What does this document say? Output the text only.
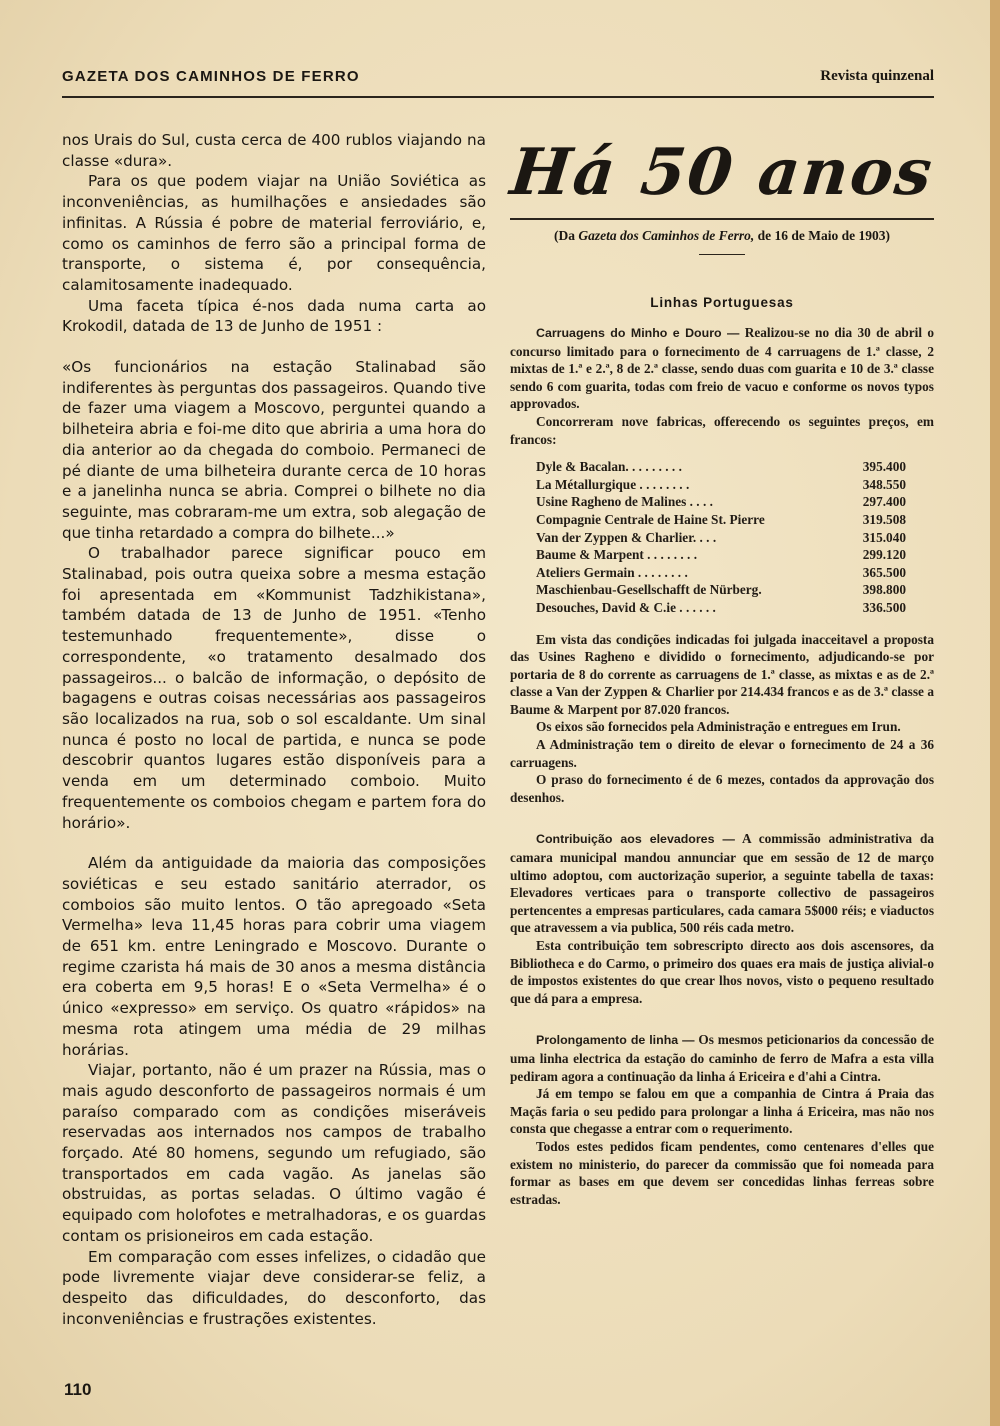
GAZETA DOS CAMINHOS DE FERRO	Revista quinzenal

nos Urais do Sul, custa cerca de 400 rublos viajando na classe «dura».

Para os que podem viajar na União Soviética as inconveniências, as humilhações e ansiedades são infinitas. A Rússia é pobre de material ferroviário, e, como os caminhos de ferro são a principal forma de transporte, o sistema é, por consequência, calamitosamente inadequado.

Uma faceta típica é-nos dada numa carta ao Krokodil, datada de 13 de Junho de 1951 :

«Os funcionários na estação Stalinabad são indiferentes às perguntas dos passageiros. Quando tive de fazer uma viagem a Moscovo, perguntei quando a bilheteira abria e foi-me dito que abriria a uma hora do dia anterior ao da chegada do comboio. Permaneci de pé diante de uma bilheteira durante cerca de 10 horas e a janelinha nunca se abria. Comprei o bilhete no dia seguinte, mas cobraram-me um extra, sob alegação de que tinha retardado a compra do bilhete...»

O trabalhador parece significar pouco em Stalinabad, pois outra queixa sobre a mesma estação foi apresentada em «Kommunist Tadzhikistana», também datada de 13 de Junho de 1951. «Tenho testemunhado frequentemente», disse o correspondente, «o tratamento desalmado dos passageiros... o balcão de informação, o depósito de bagagens e outras coisas necessárias aos passageiros são localizados na rua, sob o sol escaldante. Um sinal nunca é posto no local de partida, e nunca se pode descobrir quantos lugares estão disponíveis para a venda em um determinado comboio. Muito frequentemente os comboios chegam e partem fora do horário».

Além da antiguidade da maioria das composições soviéticas e seu estado sanitário aterrador, os comboios são muito lentos. O tão apregoado «Seta Vermelha» leva 11,45 horas para cobrir uma viagem de 651 km. entre Leningrado e Moscovo. Durante o regime czarista há mais de 30 anos a mesma distância era coberta em 9,5 horas! E o «Seta Vermelha» é o único «expresso» em serviço. Os quatro «rápidos» na mesma rota atingem uma média de 29 milhas horárias.

Viajar, portanto, não é um prazer na Rússia, mas o mais agudo desconforto de passageiros normais é um paraíso comparado com as condições miseráveis reservadas aos internados nos campos de trabalho forçado. Até 80 homens, segundo um refugiado, são transportados em cada vagão. As janelas são obstruidas, as portas seladas. O último vagão é equipado com holofotes e metralhadoras, e os guardas contam os prisioneiros em cada estação.

Em comparação com esses infelizes, o cidadão que pode livremente viajar deve considerar-se feliz, a despeito das dificuldades, do desconforto, das inconveniências e frustrações existentes.

Há 50 anos
(Da Gazeta dos Caminhos de Ferro, de 16 de Maio de 1903)
Linhas Portuguesas

Carruagens do Minho e Douro — Realizou-se no dia 30 de abril o concurso limitado para o fornecimento de 4 carruagens de 1.ª classe, 2 mixtas de 1.ª e 2.ª, 8 de 2.ª classe, sendo duas com guarita e 10 de 3.ª classe sendo 6 com guarita, todas com freio de vacuo e conforme os novos typos approvados.

Concorreram nove fabricas, offerecendo os seguintes preços, em francos:

Dyle & Bacalan. . . . . . . . .	395.400
La Métallurgique . . . . . . . .	348.550
Usine Ragheno de Malines . . . .	297.400
Compagnie Centrale de Haine St. Pierre	319.508
Van der Zyppen & Charlier. . . .	315.040
Baume & Marpent . . . . . . . .	299.120
Ateliers Germain . . . . . . . .	365.500
Maschienbau-Gesellschafft de Nürberg.	398.800
Desouches, David & C.ie . . . . . .	336.500

Em vista das condições indicadas foi julgada inacceitavel a proposta das Usines Ragheno e dividido o fornecimento, adjudicando-se por portaria de 8 do corrente as carruagens de 1.ª classe, as mixtas e as de 2.ª classe a Van der Zyppen & Charlier por 214.434 francos e as de 3.ª classe a Baume & Marpent por 87.020 francos.

Os eixos são fornecidos pela Administração e entregues em Irun.

A Administração tem o direito de elevar o fornecimento de 24 a 36 carruagens.

O praso do fornecimento é de 6 mezes, contados da approvação dos desenhos.

Contribuição aos elevadores — A commissão administrativa da camara municipal mandou annunciar que em sessão de 12 de março ultimo adoptou, com auctorização superior, a seguinte tabella de taxas: Elevadores verticaes para o transporte collectivo de passageiros pertencentes a empresas particulares, cada camara 5$000 réis; e viaductos que atravessem a via publica, 500 réis cada metro.

Esta contribuição tem sobrescripto directo aos dois ascensores, da Bibliotheca e do Carmo, o primeiro dos quaes era mais de justiça alivial-o de impostos existentes do que crear lhos novos, visto o pequeno resultado que dá para a empresa.

Prolongamento de linha — Os mesmos peticionarios da concessão de uma linha electrica da estação do caminho de ferro de Mafra a esta villa pediram agora a continuação da linha á Ericeira e d'ahi a Cintra.

Já em tempo se falou em que a companhia de Cintra á Praia das Maçãs faria o seu pedido para prolongar a linha á Ericeira, mas não nos consta que chegasse a entrar com o requerimento.

Todos estes pedidos ficam pendentes, como centenares d'elles que existem no ministerio, do parecer da commissão que foi nomeada para formar as bases em que devem ser concedidas linhas ferreas sobre estradas.

110
